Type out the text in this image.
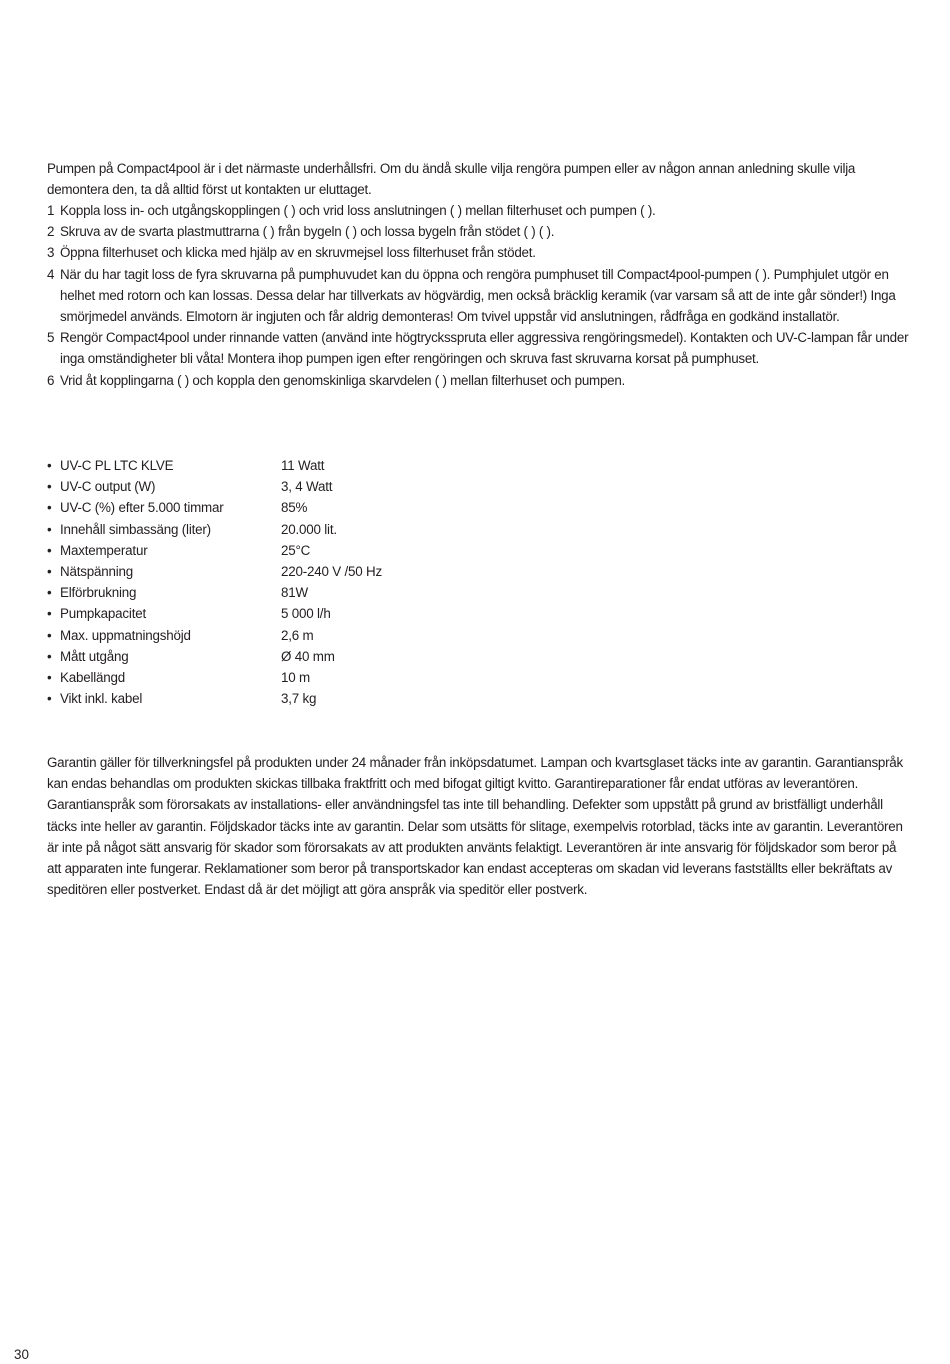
Pumpen på Compact4pool är i det närmaste underhållsfri. Om du ändå skulle vilja rengöra pumpen eller av någon annan anledning skulle vilja demontera den, ta då alltid först ut kontakten ur eluttaget.

1 Koppla loss in- och utgångskopplingen ( ) och vrid loss anslutningen ( ) mellan filterhuset och pumpen ( ).
2 Skruva av de svarta plastmuttrarna ( ) från bygeln ( ) och lossa bygeln från stödet ( ) ( ).
3 Öppna filterhuset och klicka med hjälp av en skruvmejsel loss filterhuset från stödet.
4 När du har tagit loss de fyra skruvarna på pumphuvudet kan du öppna och rengöra pumphuset till Compact4pool-pumpen ( ). Pumphjulet utgör en helhet med rotorn och kan lossas. Dessa delar har tillverkats av högvärdig, men också bräcklig keramik (var varsam så att de inte går sönder!) Inga smörjmedel används. Elmotorn är ingjuten och får aldrig demonteras! Om tvivel uppstår vid anslutningen, rådfråga en godkänd installatör.
5 Rengör Compact4pool under rinnande vatten (använd inte högtrycksspruta eller aggressiva rengöringsmedel). Kontakten och UV-C-lampan får under inga omständigheter bli våta! Montera ihop pumpen igen efter rengöringen och skruva fast skruvarna korsat på pumphuset.
6 Vrid åt kopplingarna ( ) och koppla den genomskinliga skarvdelen ( ) mellan filterhuset och pumpen.
• UV-C PL LTC KLVE	11 Watt
• UV-C output (W)	3, 4 Watt
• UV-C (%) efter 5.000 timmar	85%
• Innehåll simbassäng (liter)	20.000 lit.
• Maxtemperatur	25°C
• Nätspänning	220-240 V /50 Hz
• Elförbrukning	81W
• Pumpkapacitet	5 000 l/h
• Max. uppmatningshöjd	2,6 m
• Mått utgång	Ø 40 mm
• Kabellängd	10 m
• Vikt inkl. kabel	3,7 kg

Garantin gäller för tillverkningsfel på produkten under 24 månader från inköpsdatumet. Lampan och kvartsglaset täcks inte av garantin. Garantianspråk kan endas behandlas om produkten skickas tillbaka fraktfritt och med bifogat giltigt kvitto. Garantireparationer får endat utföras av leverantören. Garantianspråk som förorsakats av installations- eller användningsfel tas inte till behandling. Defekter som uppstått på grund av bristfälligt underhåll täcks inte heller av garantin. Följdskador täcks inte av garantin. Delar som utsätts för slitage, exempelvis rotorblad, täcks inte av garantin. Leverantören är inte på något sätt ansvarig för skador som förorsakats av att produkten använts felaktigt. Leverantören är inte ansvarig för följdskador som beror på att apparaten inte fungerar. Reklamationer som beror på transportskador kan endast accepteras om skadan vid leverans fastställts eller bekräftats av speditören eller postverket. Endast då är det möjligt att göra anspråk via speditör eller postverk.

30
